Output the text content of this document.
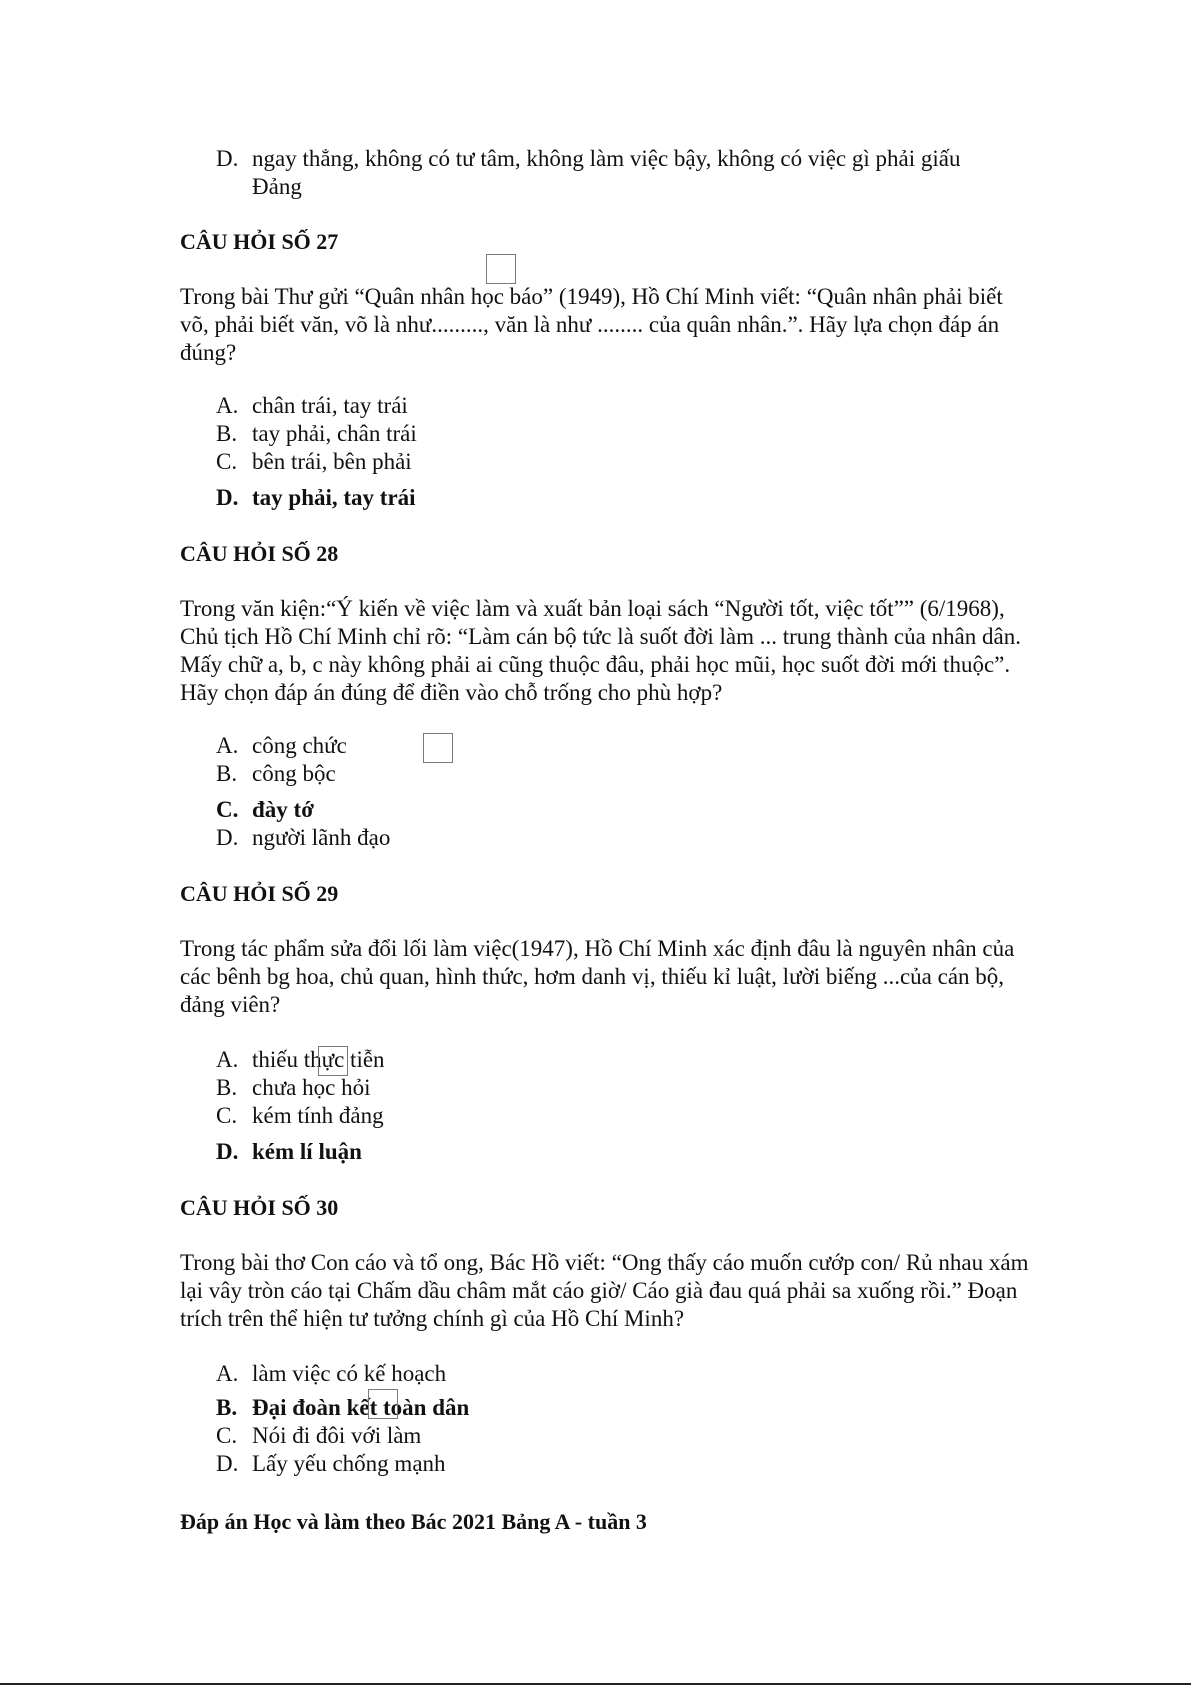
D. ngay thẳng, không có tư tâm, không làm việc bậy, không có việc gì phải giấu
Đảng
CÂU HỎI SỐ 27
Trong bài Thư gửi “Quân nhân học báo” (1949), Hồ Chí Minh viết: “Quân nhân phải biết võ, phải biết văn, võ là như........., văn là như ........ của quân nhân.”. Hãy lựa chọn đáp án đúng?
A. chân trái, tay trái
B. tay phải, chân trái
C. bên trái, bên phải
D. tay phải, tay trái
CÂU HỎI SỐ 28
Trong văn kiện:“Ý kiến về việc làm và xuất bản loại sách “Người tốt, việc tốt”” (6/1968), Chủ tịch Hồ Chí Minh chỉ rõ: “Làm cán bộ tức là suốt đời làm ... trung thành của nhân dân. Mấy chữ a, b, c này không phải ai cũng thuộc đâu, phải học mũi, học suốt đời mới thuộc”. Hãy chọn đáp án đúng để điền vào chỗ trống cho phù hợp?
A. công chức
B. công bộc
C. đày tớ
D. người lãnh đạo
CÂU HỎI SỐ 29
Trong tác phẩm sửa đổi lối làm việc(1947), Hồ Chí Minh xác định đâu là nguyên nhân của các bênh bg hoa, chủ quan, hình thức, hơm danh vị, thiếu kỉ luật, lười biếng ...của cán bộ, đảng viên?
A. thiếu thực tiễn
B. chưa học hỏi
C. kém tính đảng
D. kém lí luận
CÂU HỎI SỐ 30
Trong bài thơ Con cáo và tổ ong, Bác Hồ viết: “Ong thấy cáo muốn cướp con/ Rủ nhau xám lại vây tròn cáo tại Chấm dầu châm mắt cáo giờ/ Cáo già đau quá phải sa xuống rồi.” Đoạn trích trên thể hiện tư tưởng chính gì của Hồ Chí Minh?
A. làm việc có kế hoạch
B. Đại đoàn kết toàn dân
C. Nói đi đôi với làm
D. Lấy yếu chống mạnh
Đáp án Học và làm theo Bác 2021 Bảng A - tuần 3
